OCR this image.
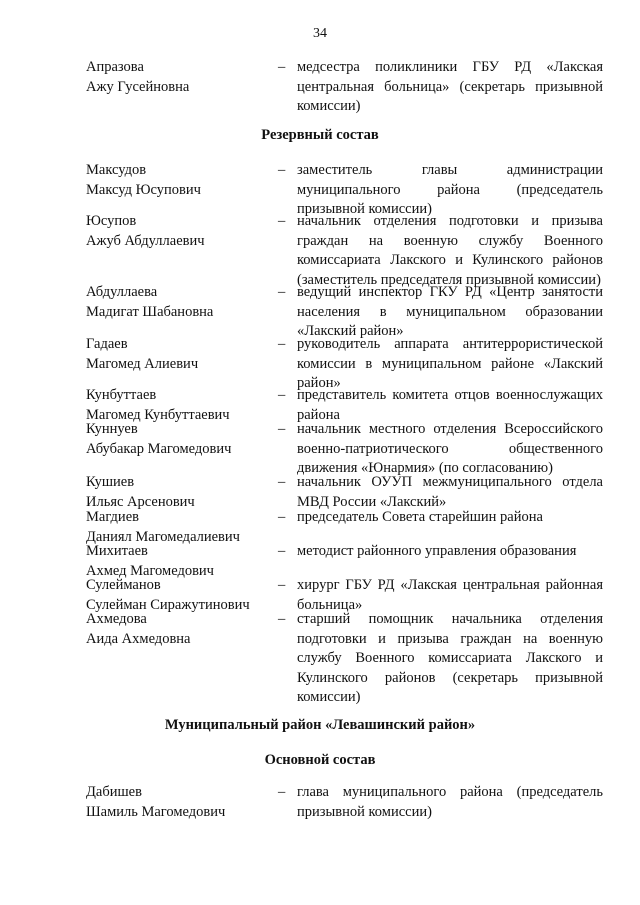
34
Апразова
Ажу Гусейновна
– медсестра поликлиники ГБУ РД «Лакская центральная больница» (секретарь призывной комиссии)
Резервный состав
Максудов
Максуд Юсупович
– заместитель главы администрации муниципального района (председатель призывной комиссии)
Юсупов
Ажуб Абдуллаевич
– начальник отделения подготовки и призыва граждан на военную службу Военного комиссариата Лакского и Кулинского районов (заместитель председателя призывной комиссии)
Абдуллаева
Мадигат Шабановна
– ведущий инспектор ГКУ РД «Центр занятости населения в муниципальном образовании «Лакский район»
Гадаев
Магомед Алиевич
– руководитель аппарата антитеррористической комиссии в муниципальном районе «Лакский район»
Кунбуттаев
Магомед Кунбуттаевич
– представитель комитета отцов военнослужащих района
Куннуев
Абубакар Магомедович
– начальник местного отделения Всероссийского военно-патриотического общественного движения «Юнармия» (по согласованию)
Кушиев
Ильяс Арсенович
– начальник ОУУП межмуниципального отдела МВД России «Лакский»
Магдиев
Даниял Магомедалиевич
– председатель Совета старейшин района
Михитаев
Ахмед Магомедович
– методист районного управления образования
Сулейманов
Сулейман Сиражутинович
– хирург ГБУ РД «Лакская центральная районная больница»
Ахмедова
Аида Ахмедовна
– старший помощник начальника отделения подготовки и призыва граждан на военную службу Военного комиссариата Лакского и Кулинского районов (секретарь призывной комиссии)
Муниципальный район «Левашинский район»
Основной состав
Дабишев
Шамиль Магомедович
– глава муниципального района (председатель призывной комиссии)
